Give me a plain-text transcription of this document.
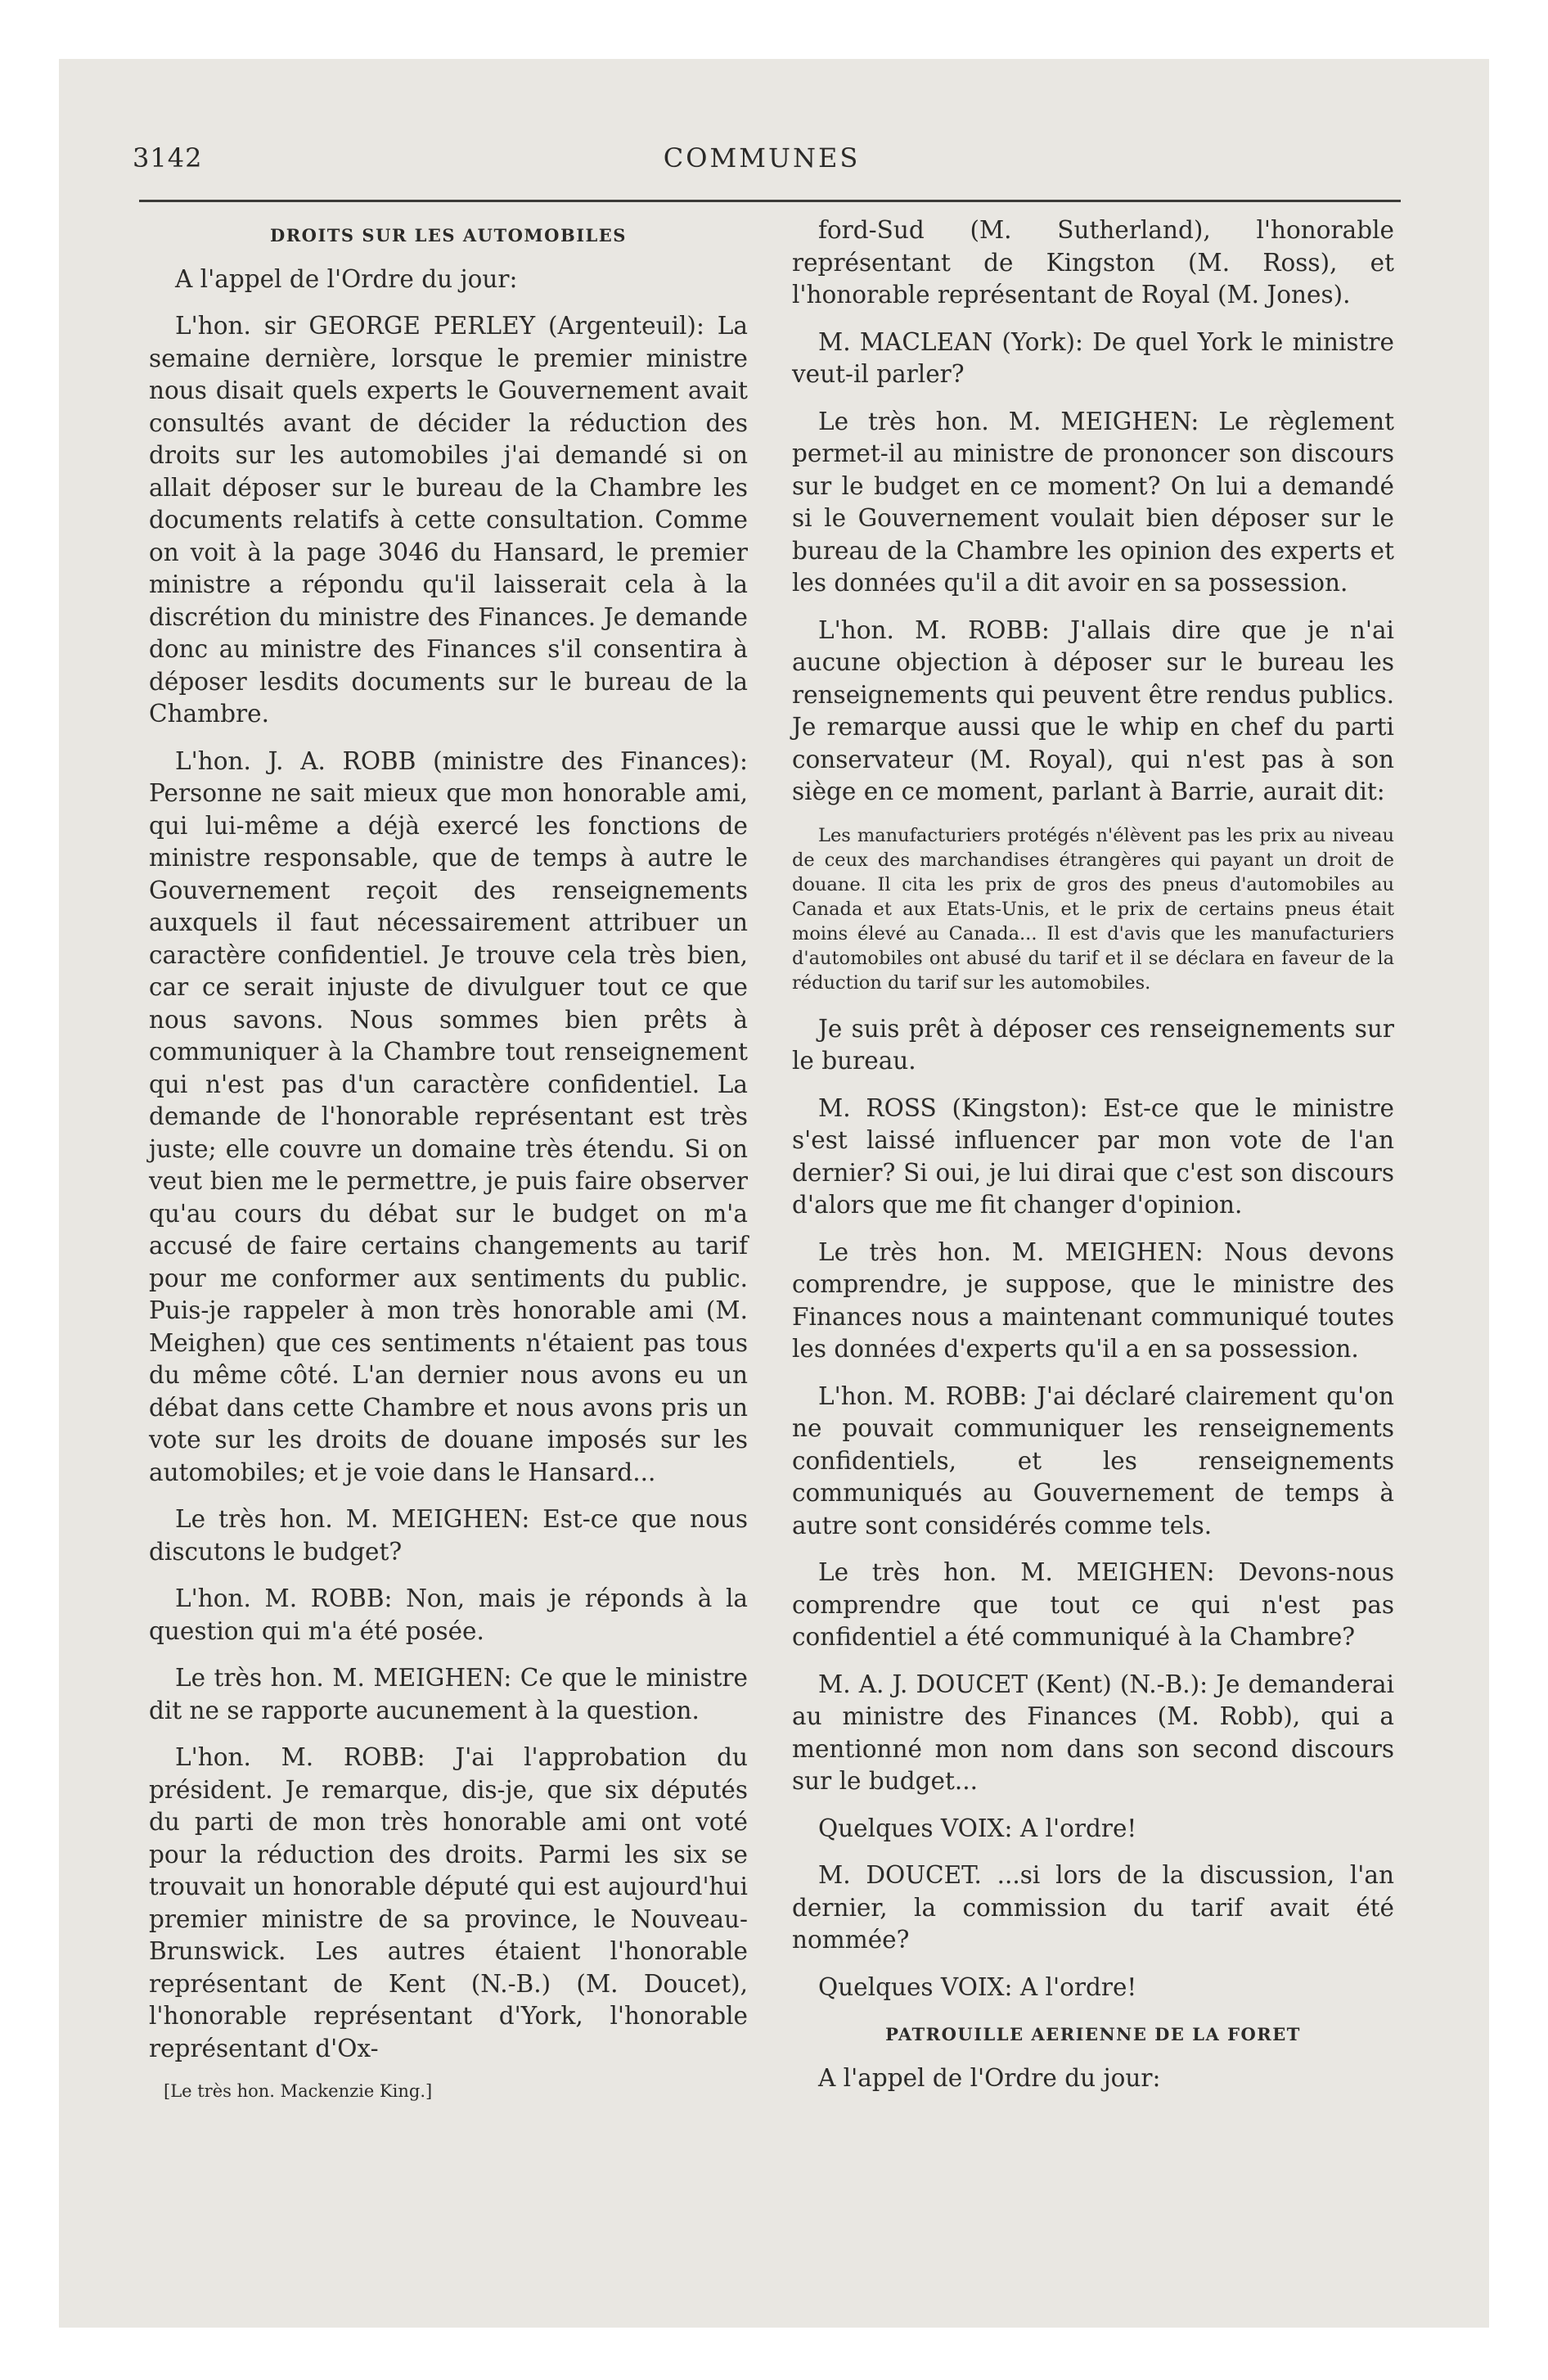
3142	COMMUNES
DROITS SUR LES AUTOMOBILES

A l'appel de l'Ordre du jour:

L'hon. sir GEORGE PERLEY (Argenteuil): La semaine dernière, lorsque le premier ministre nous disait quels experts le Gouvernement avait consultés avant de décider la réduction des droits sur les automobiles j'ai demandé si on allait déposer sur le bureau de la Chambre les documents relatifs à cette consultation. Comme on voit à la page 3046 du Hansard, le premier ministre a répondu qu'il laisserait cela à la discrétion du ministre des Finances. Je demande donc au ministre des Finances s'il consentira à déposer lesdits documents sur le bureau de la Chambre.

L'hon. J. A. ROBB (ministre des Finances): Personne ne sait mieux que mon honorable ami, qui lui-même a déjà exercé les fonctions de ministre responsable, que de temps à autre le Gouvernement reçoit des renseignements auxquels il faut nécessairement attribuer un caractère confidentiel. Je trouve cela très bien, car ce serait injuste de divulguer tout ce que nous savons. Nous sommes bien prêts à communiquer à la Chambre tout renseignement qui n'est pas d'un caractère confidentiel. La demande de l'honorable représentant est très juste; elle couvre un domaine très étendu. Si on veut bien me le permettre, je puis faire observer qu'au cours du débat sur le budget on m'a accusé de faire certains changements au tarif pour me conformer aux sentiments du public. Puis-je rappeler à mon très honorable ami (M. Meighen) que ces sentiments n'étaient pas tous du même côté. L'an dernier nous avons eu un débat dans cette Chambre et nous avons pris un vote sur les droits de douane imposés sur les automobiles; et je voie dans le Hansard...

Le très hon. M. MEIGHEN: Est-ce que nous discutons le budget?

L'hon. M. ROBB: Non, mais je réponds à la question qui m'a été posée.

Le très hon. M. MEIGHEN: Ce que le ministre dit ne se rapporte aucunement à la question.

L'hon. M. ROBB: J'ai l'approbation du président. Je remarque, dis-je, que six députés du parti de mon très honorable ami ont voté pour la réduction des droits. Parmi les six se trouvait un honorable député qui est aujourd'hui premier ministre de sa province, le Nouveau-Brunswick. Les autres étaient l'honorable représentant de Kent (N.-B.) (M. Doucet), l'honorable représentant d'York, l'honorable représentant d'Ox-

[Le très hon. Mackenzie King.]

ford-Sud (M. Sutherland), l'honorable représentant de Kingston (M. Ross), et l'honorable représentant de Royal (M. Jones).

M. MACLEAN (York): De quel York le ministre veut-il parler?

Le très hon. M. MEIGHEN: Le règlement permet-il au ministre de prononcer son discours sur le budget en ce moment? On lui a demandé si le Gouvernement voulait bien déposer sur le bureau de la Chambre les opinion des experts et les données qu'il a dit avoir en sa possession.

L'hon. M. ROBB: J'allais dire que je n'ai aucune objection à déposer sur le bureau les renseignements qui peuvent être rendus publics. Je remarque aussi que le whip en chef du parti conservateur (M. Royal), qui n'est pas à son siège en ce moment, parlant à Barrie, aurait dit:

Les manufacturiers protégés n'élèvent pas les prix au niveau de ceux des marchandises étrangères qui payant un droit de douane. Il cita les prix de gros des pneus d'automobiles au Canada et aux Etats-Unis, et le prix de certains pneus était moins élevé au Canada... Il est d'avis que les manufacturiers d'automobiles ont abusé du tarif et il se déclara en faveur de la réduction du tarif sur les automobiles.

Je suis prêt à déposer ces renseignements sur le bureau.

M. ROSS (Kingston): Est-ce que le ministre s'est laissé influencer par mon vote de l'an dernier? Si oui, je lui dirai que c'est son discours d'alors que me fit changer d'opinion.

Le très hon. M. MEIGHEN: Nous devons comprendre, je suppose, que le ministre des Finances nous a maintenant communiqué toutes les données d'experts qu'il a en sa possession.

L'hon. M. ROBB: J'ai déclaré clairement qu'on ne pouvait communiquer les renseignements confidentiels, et les renseignements communiqués au Gouvernement de temps à autre sont considérés comme tels.

Le très hon. M. MEIGHEN: Devons-nous comprendre que tout ce qui n'est pas confidentiel a été communiqué à la Chambre?

M. A. J. DOUCET (Kent) (N.-B.): Je demanderai au ministre des Finances (M. Robb), qui a mentionné mon nom dans son second discours sur le budget...

Quelques VOIX: A l'ordre!

M. DOUCET. ...si lors de la discussion, l'an dernier, la commission du tarif avait été nommée?

Quelques VOIX: A l'ordre!

PATROUILLE AERIENNE DE LA FORET

A l'appel de l'Ordre du jour:
